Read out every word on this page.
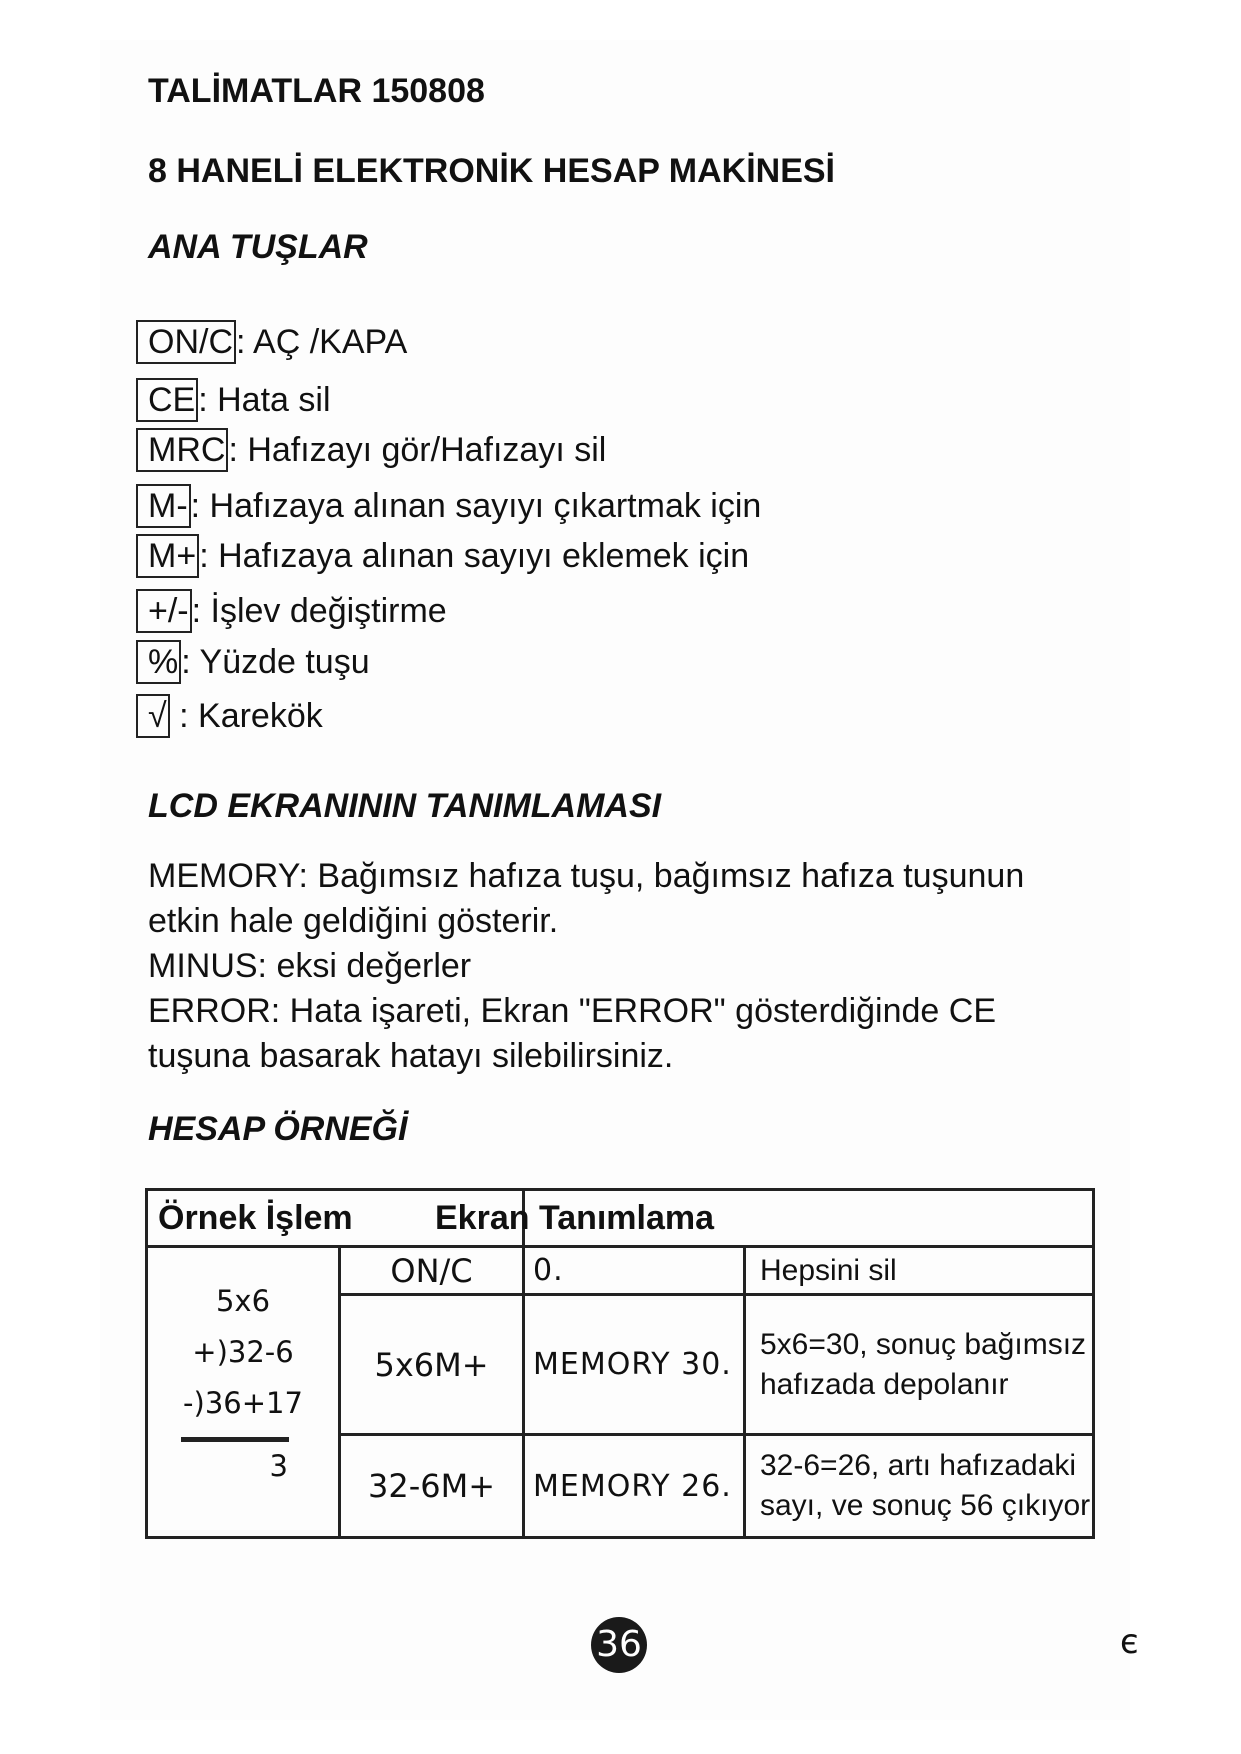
TALİMATLAR 150808
8 HANELİ ELEKTRONİK HESAP MAKİNESİ
ANA TUŞLAR
ON/C: AÇ /KAPA
CE: Hata sil
MRC: Hafızayı gör/Hafızayı sil
M-: Hafızaya alınan sayıyı çıkartmak için
M+: Hafızaya alınan sayıyı eklemek için
+/-: İşlev değiştirme
%: Yüzde tuşu
√ : Karekök
LCD EKRANININ TANIMLAMASI
MEMORY: Bağımsız hafıza tuşu, bağımsız hafıza tuşunun
etkin hale geldiğini gösterir.
MINUS: eksi değerler
ERROR: Hata işareti, Ekran "ERROR" gösterdiğinde CE
tuşuna basarak hatayı silebilirsiniz.
HESAP ÖRNEĞİ
Örnek İşlem		Ekran Tanımlama	

5x6
+)32-6
-)36+17
3	ON/C	0.	Hepsini sil

	5x6M+	MEMORY 30.	5x6=30, sonuç bağımsız
hafızada depolanır

	32-6M+	MEMORY 26.	32-6=26, artı hafızadaki
sayı, ve sonuç 56 çıkıyor
36	є
